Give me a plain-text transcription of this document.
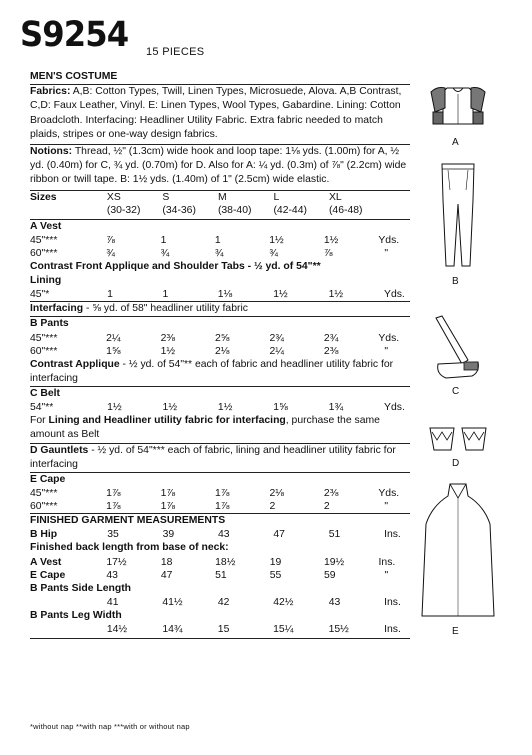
S9254 15 PIECES

MEN'S COSTUME

Fabrics: A,B: Cotton Types, Twill, Linen Types, Microsuede, Alova. A,B Contrast, C,D: Faux Leather, Vinyl. E: Linen Types, Wool Types, Gabardine. Lining: Cotton Broadcloth. Interfacing: Headliner Utility Fabric. Extra fabric needed to match plaids, stripes or one-way design fabrics.

Notions: Thread, ½" (1.3cm) wide hook and loop tape: 1⅛ yds. (1.00m) for A, ½ yd. (0.40m) for C, ¾ yd. (0.70m) for D. Also for A: ¼ yd. (0.3m) of ⅞" (2.2cm) wide ribbon or twill tape. B: 1½ yds. (1.40m) of 1" (2.5cm) wide elastic.

Sizes	XS	S	M	L	XL	
	(30-32)	(34-36)	(38-40)	(42-44)	(46-48)	

A Vest

45"***	⅞	1	1	1½	1½	Yds.
60"***	¾	¾	¾	¾	⅞	"

Contrast Front Applique and Shoulder Tabs - ½ yd. of 54"**

Lining

45"*	1	1	1⅛	1½	1½	Yds.

Interfacing - ⅝ yd. of 58" headliner utility fabric

B Pants

45"***	2¼	2⅜	2⅝	2¾	2¾	Yds.
60"***	1⅝	1½	2⅛	2¼	2⅜	"

Contrast Applique - ½ yd. of 54"** each of fabric and headliner utility fabric for interfacing

C Belt

54"**	1½	1½	1½	1⅝	1¾	Yds.

For Lining and Headliner utility fabric for interfacing, purchase the same amount as Belt

D Gauntlets - ½ yd. of 54"*** each of fabric, lining and headliner utility fabric for interfacing

E Cape

45"***	1⅞	1⅞	1⅞	2⅛	2⅜	Yds.
60"***	1⅞	1⅞	1⅞	2	2	"

FINISHED GARMENT MEASUREMENTS

B Hip	35	39	43	47	51	Ins.

Finished back length from base of neck:

A Vest	17½	18	18½	19	19½	Ins.
E Cape	43	47	51	55	59	"

B Pants Side Length

	41	41½	42	42½	43	Ins.

B Pants Leg Width

	14½	14¾	15	15¼	15½	Ins.
*without nap **with nap ***with or without nap
A
B
C
D
E
